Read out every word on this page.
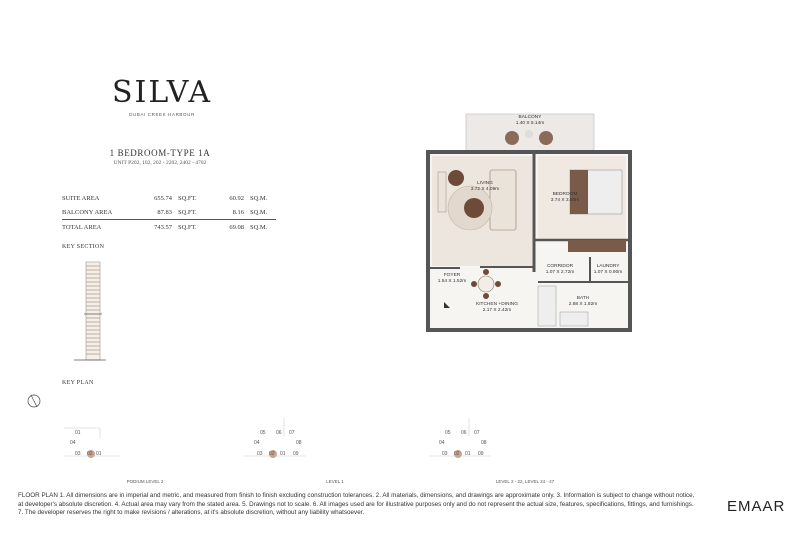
SILVA
DUBAI CREEK HARBOUR
1 BEDROOM-TYPE 1A
UNIT P202, 102, 202 - 2202, 2402 - 4702
SUITE AREA	655.74	SQ.FT.	60.92	SQ.M.
BALCONY AREA	87.83	SQ.FT.	8.16	SQ.M.
TOTAL AREA	743.57	SQ.FT.	69.08	SQ.M.
KEY SECTION
KEY PLAN
01
04
03 02 01
PODIUM LEVEL 2
05 06 07
04	08
03 02 01 09
LEVEL 1
05 06 07
04	08
03 02 01 09
LEVEL 2 - 22, LEVEL 24 - 47
BALCONY
1.40 X 5.14m
LIVING
3.72 X 4.09m
BEDROOM
3.74 X 3.50m
CORRIDOR
1.07 X 2.72m
LAUNDRY
1.07 X 0.90m
FOYER
1.54 X 1.52m
KITCHEN +DINING
2.17 X 2.42m
BATH
2.88 X 1.82m
FLOOR PLAN 1. All dimensions are in imperial and metric, and measured from finish to finish excluding construction tolerances. 2. All materials, dimensions, and drawings are approximate only. 3. Information is subject to change without notice,
at developer's absolute discretion. 4. Actual area may vary from the stated area. 5. Drawings not to scale. 6. All images used are for illustrative purposes only and do not represent the actual size, features, specifications, fittings, and furnishings.
7. The developer reserves the right to make revisions / alterations, at it's absolute discretion, without any liability whatsoever.	EMAAR
